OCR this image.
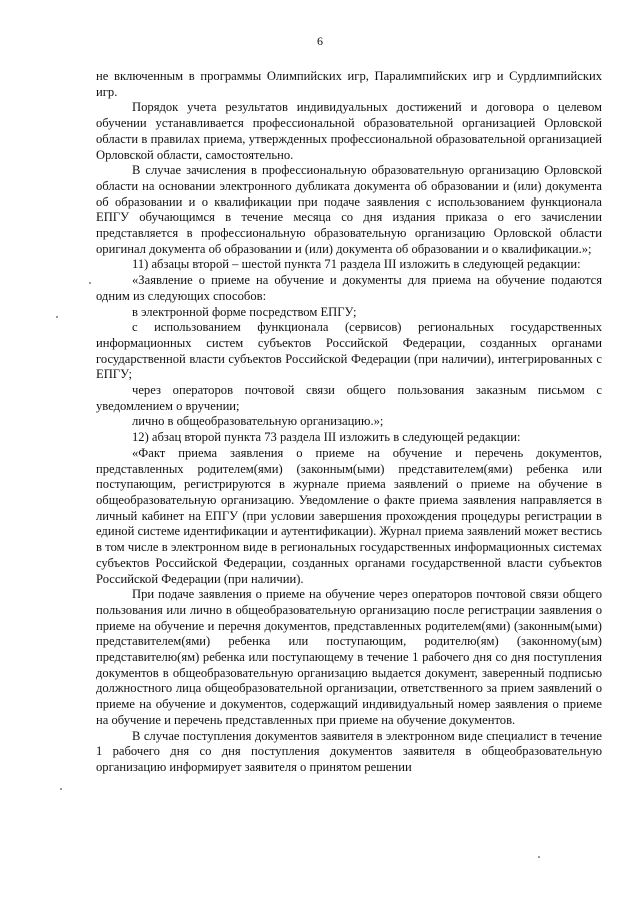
6

не включенным в программы Олимпийских игр, Паралимпийских игр и Сурдлимпийских игр.

Порядок учета результатов индивидуальных достижений и договора о целевом обучении устанавливается профессиональной образовательной организацией Орловской области в правилах приема, утвержденных профессиональной образовательной организацией Орловской области, самостоятельно.

В случае зачисления в профессиональную образовательную организацию Орловской области на основании электронного дубликата документа об образовании и (или) документа об образовании и о квалификации при подаче заявления с использованием функционала ЕПГУ обучающимся в течение месяца со дня издания приказа о его зачислении представляется в профессиональную образовательную организацию Орловской области оригинал документа об образовании и (или) документа об образовании и о квалификации.»;

11) абзацы второй – шестой пункта 71 раздела III изложить в следующей редакции:

«Заявление о приеме на обучение и документы для приема на обучение подаются одним из следующих способов:

в электронной форме посредством ЕПГУ;

с использованием функционала (сервисов) региональных государственных информационных систем субъектов Российской Федерации, созданных органами государственной власти субъектов Российской Федерации (при наличии), интегрированных с ЕПГУ;

через операторов почтовой связи общего пользования заказным письмом с уведомлением о вручении;

лично в общеобразовательную организацию.»;

12) абзац второй пункта 73 раздела III изложить в следующей редакции:

«Факт приема заявления о приеме на обучение и перечень документов, представленных родителем(ями) (законным(ыми) представителем(ями) ребенка или поступающим, регистрируются в журнале приема заявлений о приеме на обучение в общеобразовательную организацию. Уведомление о факте приема заявления направляется в личный кабинет на ЕПГУ (при условии завершения прохождения процедуры регистрации в единой системе идентификации и аутентификации). Журнал приема заявлений может вестись в том числе в электронном виде в региональных государственных информационных системах субъектов Российской Федерации, созданных органами государственной власти субъектов Российской Федерации (при наличии).

При подаче заявления о приеме на обучение через операторов почтовой связи общего пользования или лично в общеобразовательную организацию после регистрации заявления о приеме на обучение и перечня документов, представленных родителем(ями) (законным(ыми) представителем(ями) ребенка или поступающим, родителю(ям) (законному(ым) представителю(ям) ребенка или поступающему в течение 1 рабочего дня со дня поступления документов в общеобразовательную организацию выдается документ, заверенный подписью должностного лица общеобразовательной организации, ответственного за прием заявлений о приеме на обучение и документов, содержащий индивидуальный номер заявления о приеме на обучение и перечень представленных при приеме на обучение документов.

В случае поступления документов заявителя в электронном виде специалист в течение 1 рабочего дня со дня поступления документов заявителя в общеобразовательную организацию информирует заявителя о принятом решении
